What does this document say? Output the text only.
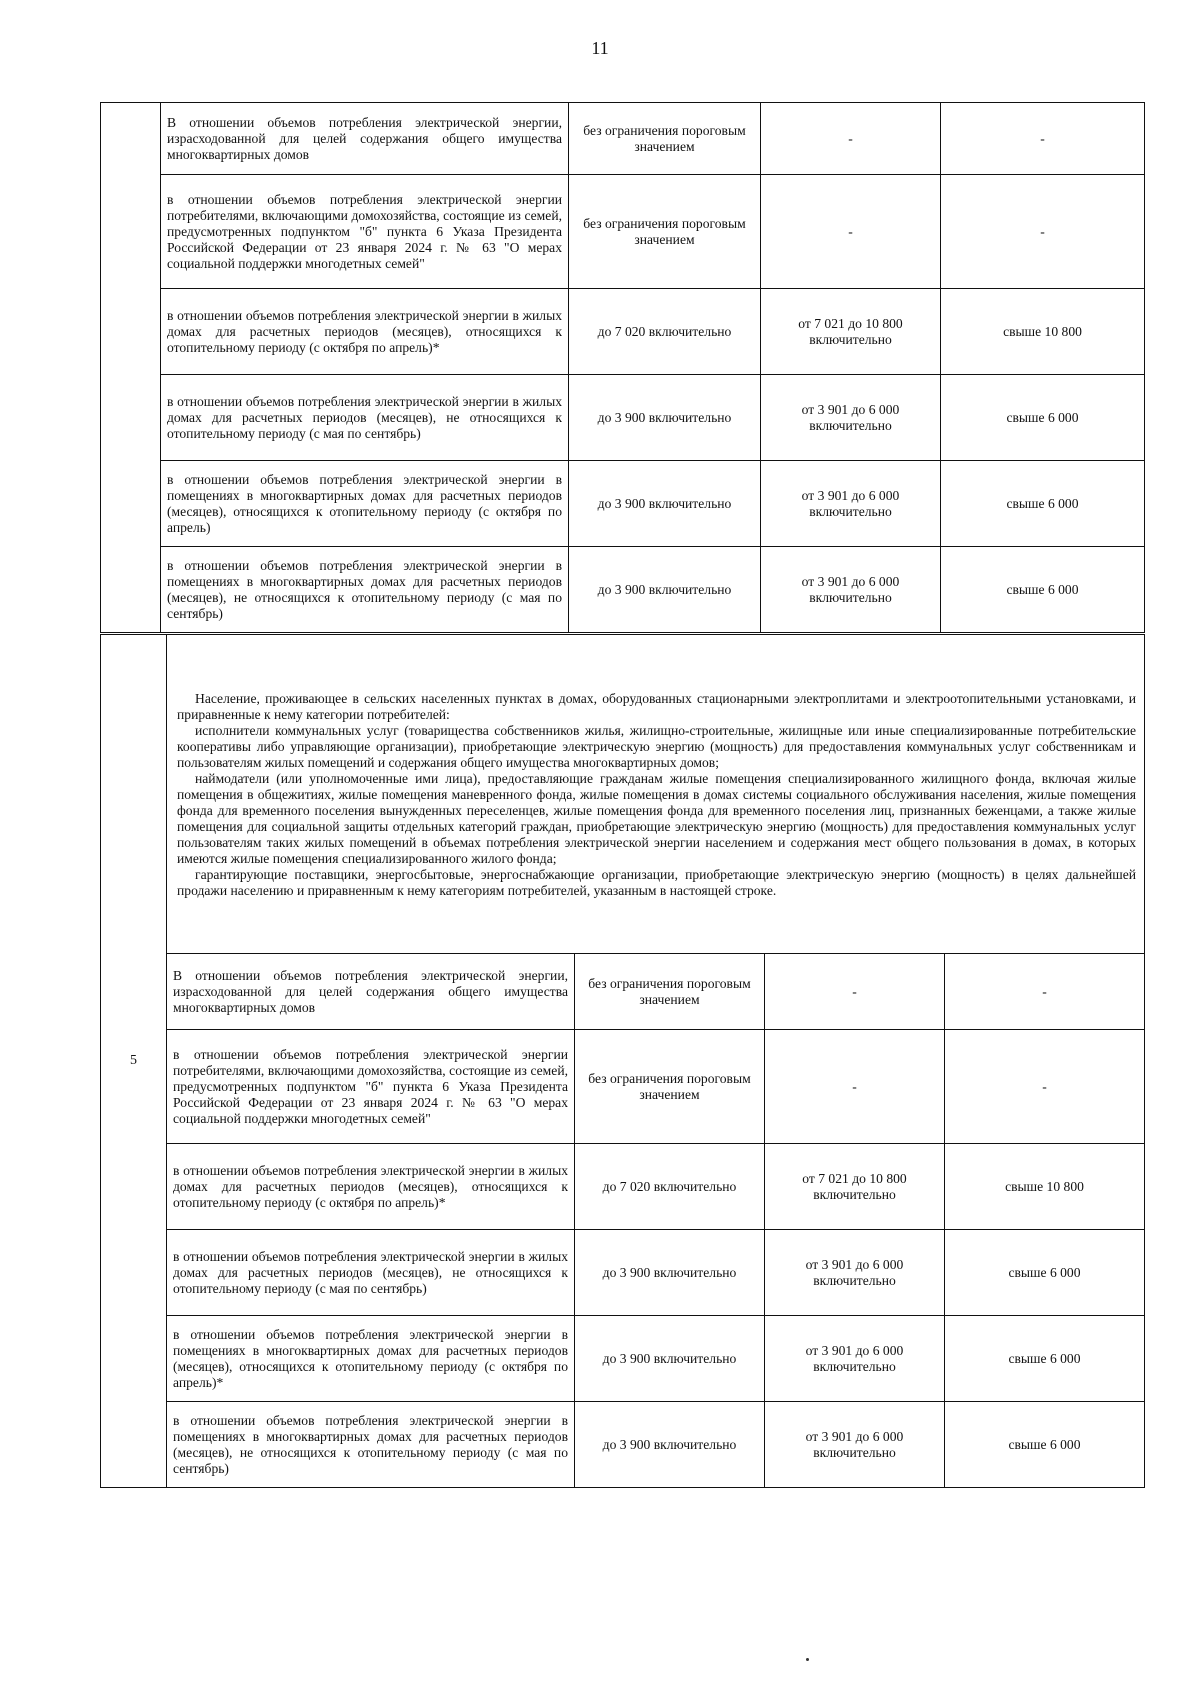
11
	В отношении объемов потребления электрической энергии, израсходованной для целей содержания общего имущества многоквартирных домов	без ограничения пороговым значением	-	-
	в отношении объемов потребления электрической энергии потребителями, включающими домохозяйства, состоящие из семей, предусмотренных подпунктом "б" пункта 6 Указа Президента Российской Федерации от 23 января 2024 г. № 63 "О мерах социальной поддержки многодетных семей"	без ограничения пороговым значением	-	-
	в отношении объемов потребления электрической энергии в жилых домах для расчетных периодов (месяцев), относящихся к отопительному периоду (с октября по апрель)*	до 7 020 включительно	от 7 021 до 10 800 включительно	свыше 10 800
	в отношении объемов потребления электрической энергии в жилых домах для расчетных периодов (месяцев), не относящихся к отопительному периоду (с мая по сентябрь)	до 3 900 включительно	от 3 901 до 6 000 включительно	свыше 6 000
	в отношении объемов потребления электрической энергии в помещениях в многоквартирных домах для расчетных периодов (месяцев), относящихся к отопительному периоду (с октября по апрель)	до 3 900 включительно	от 3 901 до 6 000 включительно	свыше 6 000
	в отношении объемов потребления электрической энергии в помещениях в многоквартирных домах для расчетных периодов (месяцев), не относящихся к отопительному периоду (с мая по сентябрь)	до 3 900 включительно	от 3 901 до 6 000 включительно	свыше 6 000
5	Население, проживающее в сельских населенных пунктах в домах, оборудованных стационарными электроплитами и электроотопительными установками, и приравненные к нему категории потребителей:

исполнители коммунальных услуг (товарищества собственников жилья, жилищно-строительные, жилищные или иные специализированные потребительские кооперативы либо управляющие организации), приобретающие электрическую энергию (мощность) для предоставления коммунальных услуг собственникам и пользователям жилых помещений и содержания общего имущества многоквартирных домов;

наймодатели (или уполномоченные ими лица), предоставляющие гражданам жилые помещения специализированного жилищного фонда, включая жилые помещения в общежитиях, жилые помещения маневренного фонда, жилые помещения в домах системы социального обслуживания населения, жилые помещения фонда для временного поселения вынужденных переселенцев, жилые помещения фонда для временного поселения лиц, признанных беженцами, а также жилые помещения для социальной защиты отдельных категорий граждан, приобретающие электрическую энергию (мощность) для предоставления коммунальных услуг пользователям таких жилых помещений в объемах потребления электрической энергии населением и содержания мест общего пользования в домах, в которых имеются жилые помещения специализированного жилого фонда;

гарантирующие поставщики, энергосбытовые, энергоснабжающие организации, приобретающие электрическую энергию (мощность) в целях дальнейшей продажи населению и приравненным к нему категориям потребителей, указанным в настоящей строке.			

	В отношении объемов потребления электрической энергии, израсходованной для целей содержания общего имущества многоквартирных домов	без ограничения пороговым значением	-	-
	в отношении объемов потребления электрической энергии потребителями, включающими домохозяйства, состоящие из семей, предусмотренных подпунктом "б" пункта 6 Указа Президента Российской Федерации от 23 января 2024 г. № 63 "О мерах социальной поддержки многодетных семей"	без ограничения пороговым значением	-	-
	в отношении объемов потребления электрической энергии в жилых домах для расчетных периодов (месяцев), относящихся к отопительному периоду (с октября по апрель)*	до 7 020 включительно	от 7 021 до 10 800 включительно	свыше 10 800
	в отношении объемов потребления электрической энергии в жилых домах для расчетных периодов (месяцев), не относящихся к отопительному периоду (с мая по сентябрь)	до 3 900 включительно	от 3 901 до 6 000 включительно	свыше 6 000
	в отношении объемов потребления электрической энергии в помещениях в многоквартирных домах для расчетных периодов (месяцев), относящихся к отопительному периоду (с октября по апрель)*	до 3 900 включительно	от 3 901 до 6 000 включительно	свыше 6 000
	в отношении объемов потребления электрической энергии в помещениях в многоквартирных домах для расчетных периодов (месяцев), не относящихся к отопительному периоду (с мая по сентябрь)	до 3 900 включительно	от 3 901 до 6 000 включительно	свыше 6 000
